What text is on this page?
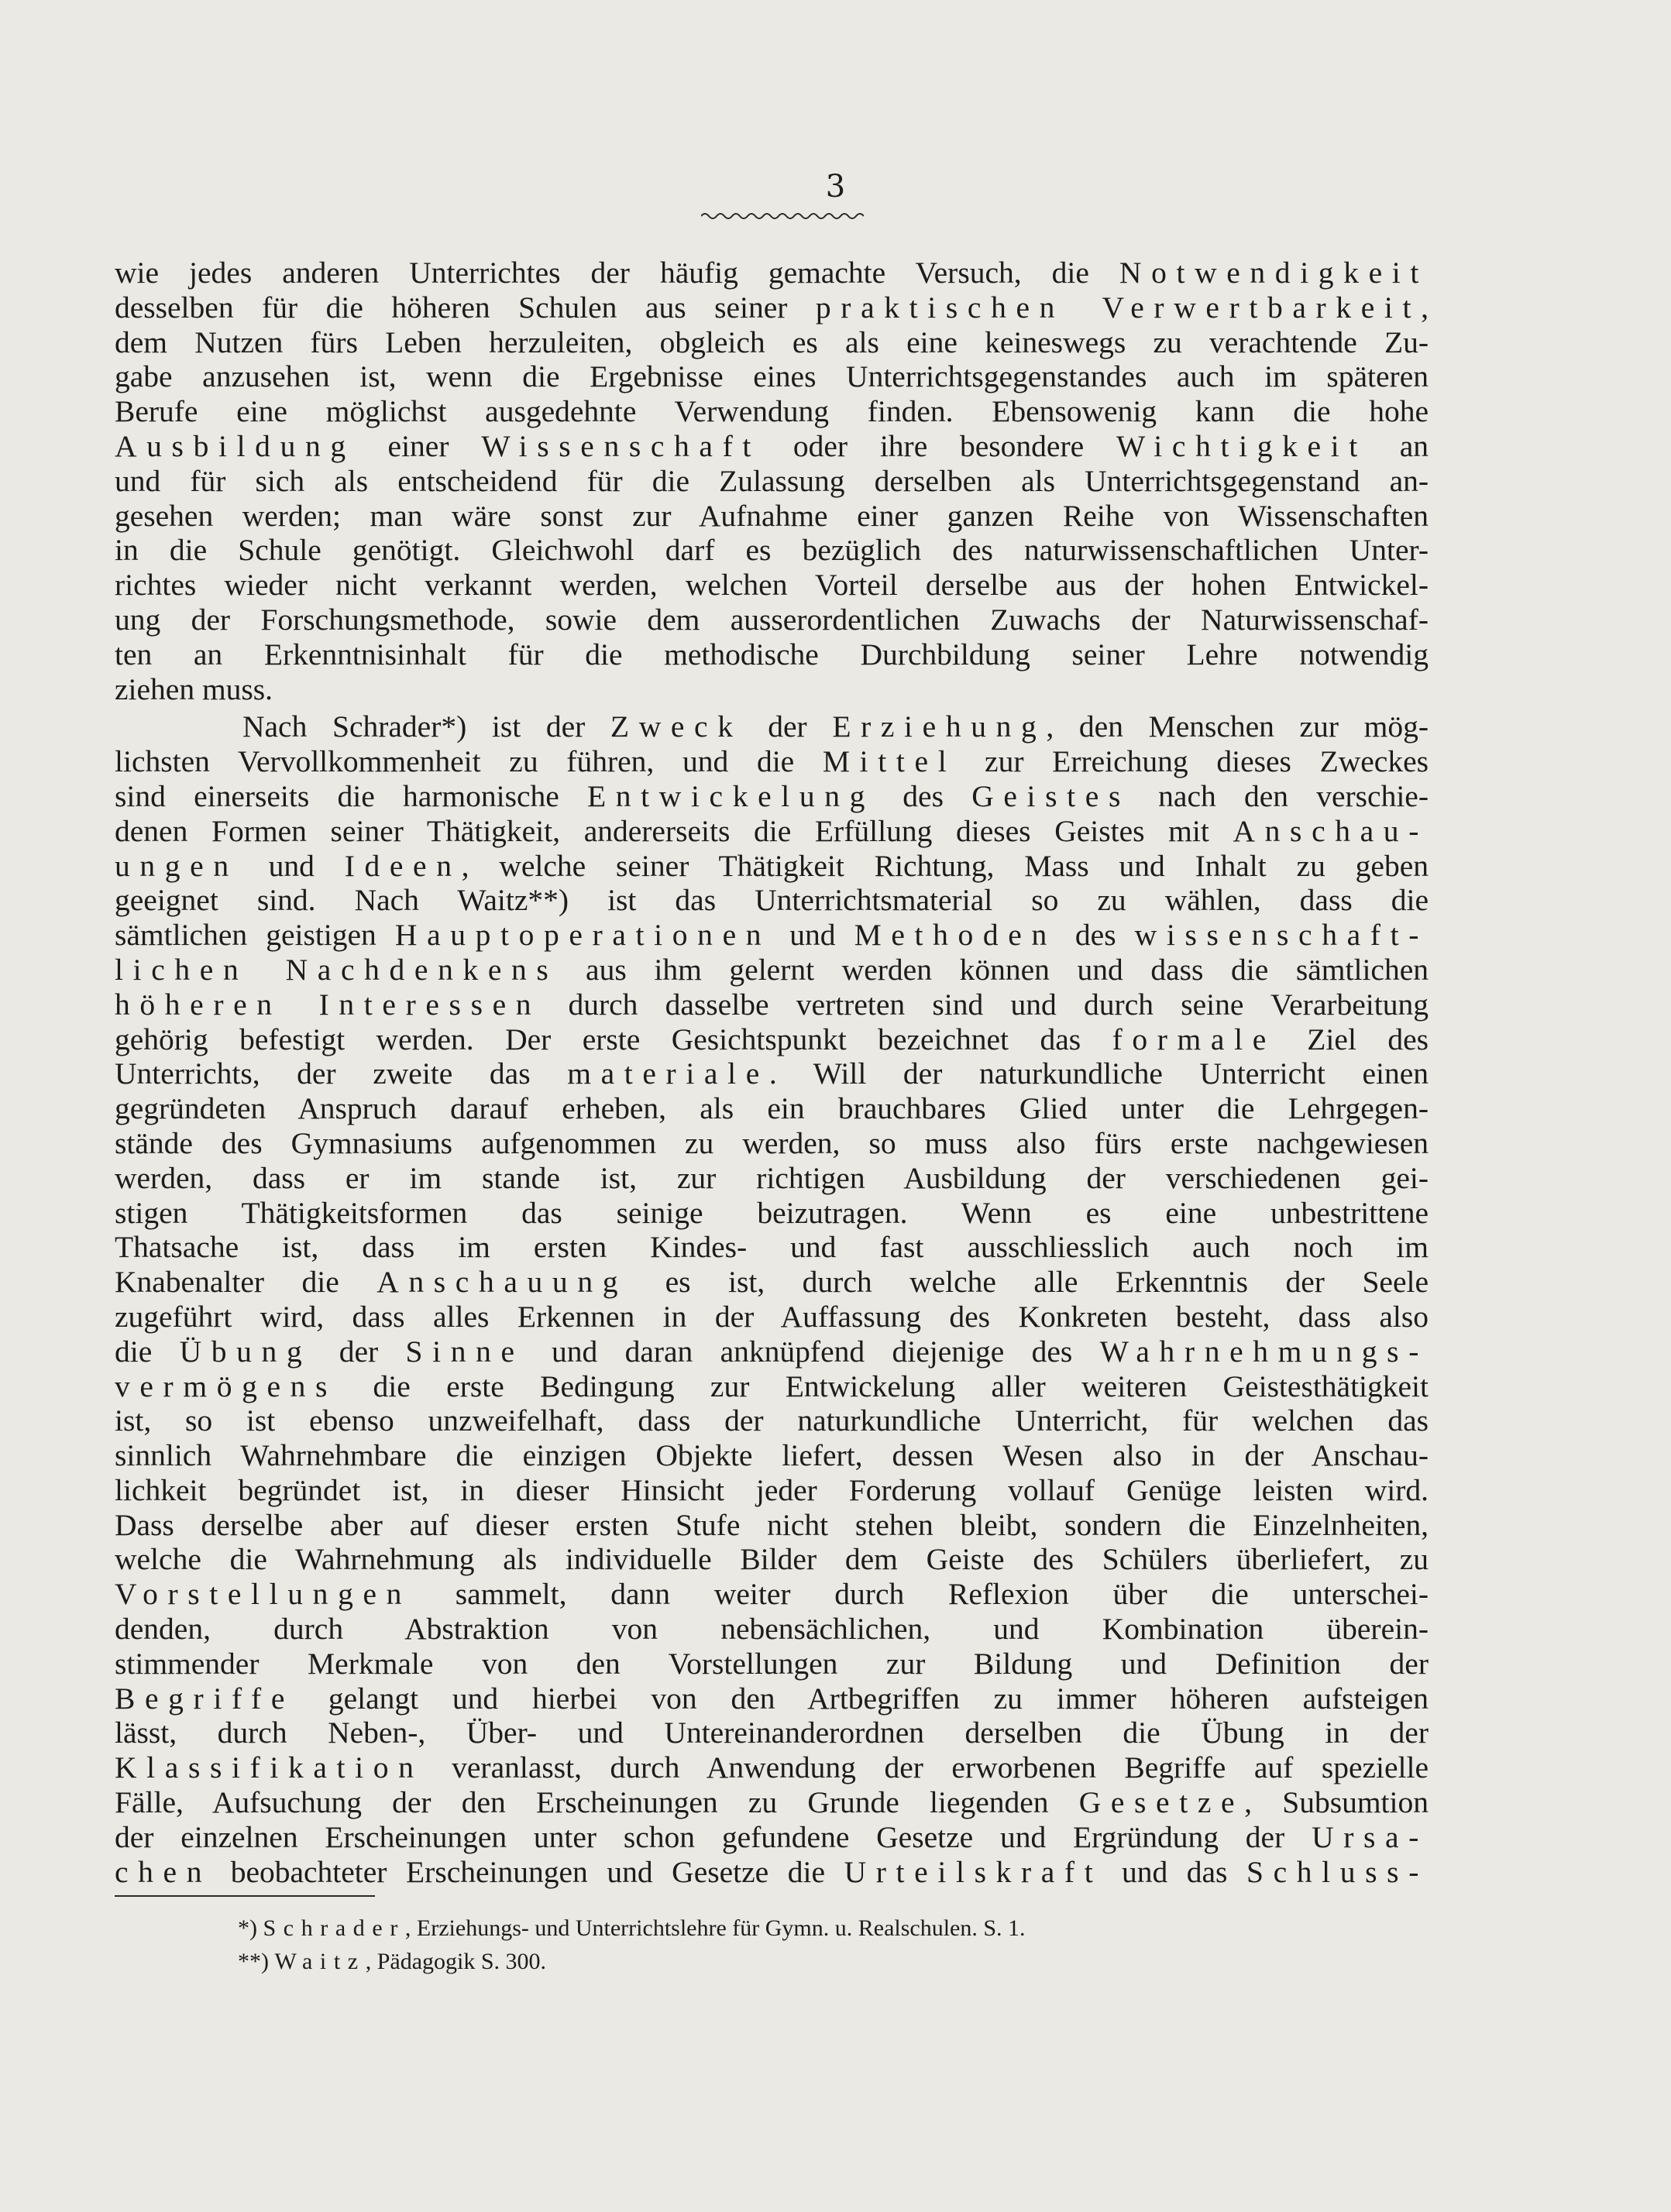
3
wie jedes anderen Unterrichtes der häufig gemachte Versuch, die Notwendigkeit
desselben für die höheren Schulen aus seiner praktischen Verwertbarkeit,
dem Nutzen fürs Leben herzuleiten, obgleich es als eine keineswegs zu verachtende Zu-
gabe anzusehen ist, wenn die Ergebnisse eines Unterrichtsgegenstandes auch im späteren
Berufe eine möglichst ausgedehnte Verwendung finden. Ebensowenig kann die hohe
Ausbildung einer Wissenschaft oder ihre besondere Wichtigkeit an
und für sich als entscheidend für die Zulassung derselben als Unterrichtsgegenstand an-
gesehen werden; man wäre sonst zur Aufnahme einer ganzen Reihe von Wissenschaften
in die Schule genötigt. Gleichwohl darf es bezüglich des naturwissenschaftlichen Unter-
richtes wieder nicht verkannt werden, welchen Vorteil derselbe aus der hohen Entwickel-
ung der Forschungsmethode, sowie dem ausserordentlichen Zuwachs der Naturwissenschaf-
ten an Erkenntnisinhalt für die methodische Durchbildung seiner Lehre notwendig
ziehen muss.
Nach Schrader*) ist der Zweck der Erziehung, den Menschen zur mög-
lichsten Vervollkommenheit zu führen, und die Mittel zur Erreichung dieses Zweckes
sind einerseits die harmonische Entwickelung des Geistes nach den verschie-
denen Formen seiner Thätigkeit, andererseits die Erfüllung dieses Geistes mit Anschau-
ungen und Ideen, welche seiner Thätigkeit Richtung, Mass und Inhalt zu geben
geeignet sind. Nach Waitz**) ist das Unterrichtsmaterial so zu wählen, dass die
sämtlichen geistigen Hauptoperationen und Methoden des wissenschaft-
lichen Nachdenkens aus ihm gelernt werden können und dass die sämtlichen
höheren Interessen durch dasselbe vertreten sind und durch seine Verarbeitung
gehörig befestigt werden. Der erste Gesichtspunkt bezeichnet das formale Ziel des
Unterrichts, der zweite das materiale. Will der naturkundliche Unterricht einen
gegründeten Anspruch darauf erheben, als ein brauchbares Glied unter die Lehrgegen-
stände des Gymnasiums aufgenommen zu werden, so muss also fürs erste nachgewiesen
werden, dass er im stande ist, zur richtigen Ausbildung der verschiedenen gei-
stigen Thätigkeitsformen das seinige beizutragen. Wenn es eine unbestrittene
Thatsache ist, dass im ersten Kindes- und fast ausschliesslich auch noch im
Knabenalter die Anschauung es ist, durch welche alle Erkenntnis der Seele
zugeführt wird, dass alles Erkennen in der Auffassung des Konkreten besteht, dass also
die Übung der Sinne und daran anknüpfend diejenige des Wahrnehmungs-
vermögens die erste Bedingung zur Entwickelung aller weiteren Geistesthätigkeit
ist, so ist ebenso unzweifelhaft, dass der naturkundliche Unterricht, für welchen das
sinnlich Wahrnehmbare die einzigen Objekte liefert, dessen Wesen also in der Anschau-
lichkeit begründet ist, in dieser Hinsicht jeder Forderung vollauf Genüge leisten wird.
Dass derselbe aber auf dieser ersten Stufe nicht stehen bleibt, sondern die Einzelnheiten,
welche die Wahrnehmung als individuelle Bilder dem Geiste des Schülers überliefert, zu
Vorstellungen sammelt, dann weiter durch Reflexion über die unterschei-
denden, durch Abstraktion von nebensächlichen, und Kombination überein-
stimmender Merkmale von den Vorstellungen zur Bildung und Definition der
Begriffe gelangt und hierbei von den Artbegriffen zu immer höheren aufsteigen
lässt, durch Neben-, Über- und Untereinanderordnen derselben die Übung in der
Klassifikation veranlasst, durch Anwendung der erworbenen Begriffe auf spezielle
Fälle, Aufsuchung der den Erscheinungen zu Grunde liegenden Gesetze, Subsumtion
der einzelnen Erscheinungen unter schon gefundene Gesetze und Ergründung der Ursa-
chen beobachteter Erscheinungen und Gesetze die Urteilskraft und das Schluss-
*) Schrader, Erziehungs- und Unterrichtslehre für Gymn. u. Realschulen. S. 1.
**) Waitz, Pädagogik S. 300.
